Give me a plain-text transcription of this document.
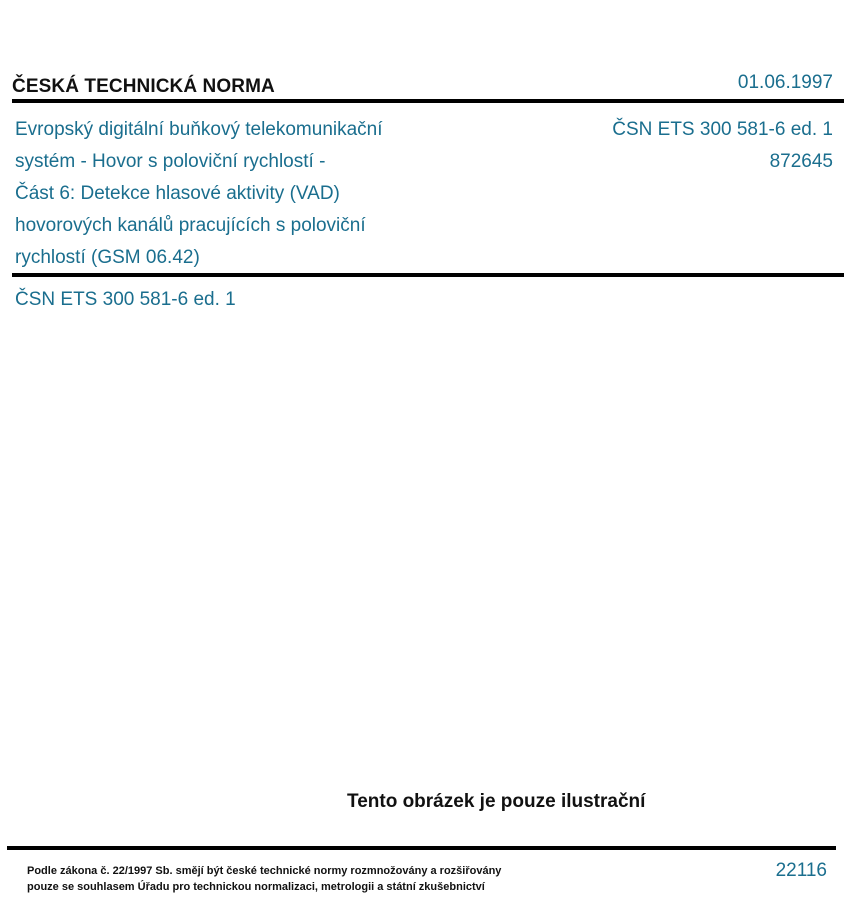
ČESKÁ TECHNICKÁ NORMA	01.06.1997
Evropský digitální buňkový telekomunikační
systém - Hovor s poloviční rychlostí -
Část 6: Detekce hlasové aktivity (VAD)
hovorových kanálů pracujících s poloviční
rychlostí (GSM 06.42)
ČSN ETS 300 581-6 ed. 1
872645
ČSN ETS 300 581-6 ed. 1
Tento obrázek je pouze ilustrační
Podle zákona č. 22/1997 Sb. smějí být české technické normy rozmnožovány a rozšiřovány
pouze se souhlasem Úřadu pro technickou normalizaci, metrologii a státní zkušebnictví
22116
